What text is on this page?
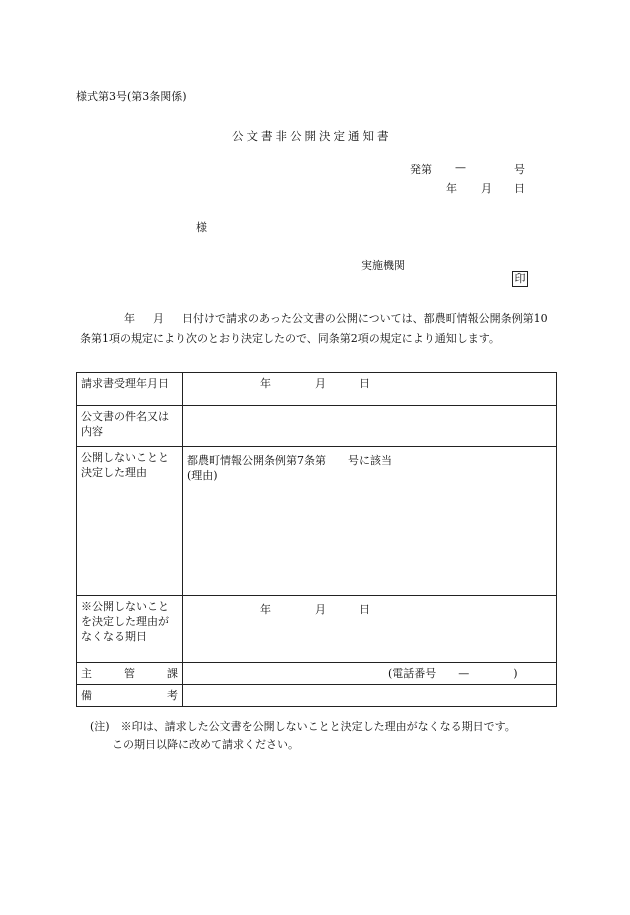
様式第3号(第3条関係)
公文書非公開決定通知書
発第 —	号
年 月 日
様
実施機関
印
年 月 日付けで請求のあった公文書の公開については、都農町情報公開条例第10条第1項の規定により次のとおり決定したので、同条第2項の規定により通知します。
請求書受理年月日	年 月 日
公文書の件名又は内容	
公開しないことと決定した理由	都農町情報公開条例第7条第　　号に該当
(理由)

※公開しないことを決定した理由がなくなる期日	年 月 日
主管課	(電話番号　　—　　　　)
備考	
(注)　※印は、請求した公文書を公開しないことと決定した理由がなくなる期日です。
この期日以降に改めて請求ください。
